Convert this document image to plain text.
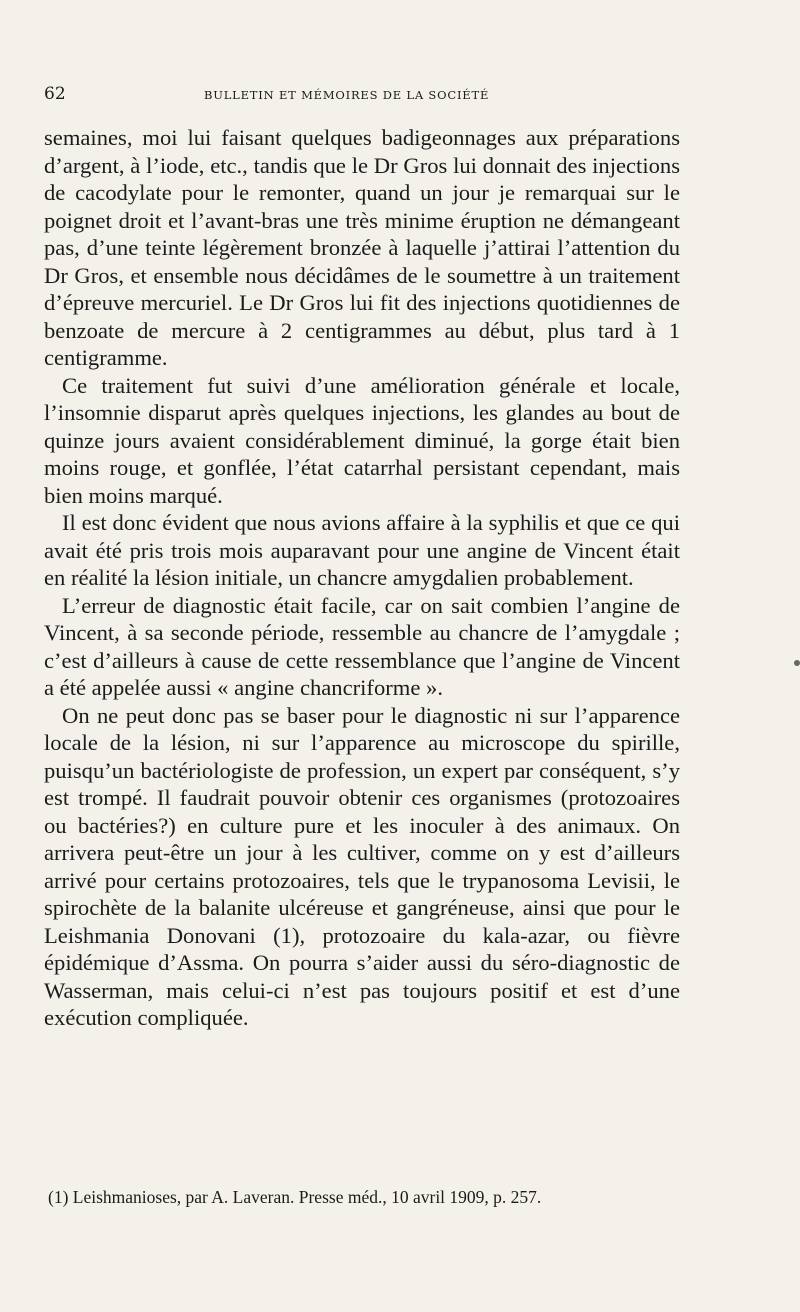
62	BULLETIN ET MÉMOIRES DE LA SOCIÉTÉ

semaines, moi lui faisant quelques badigeonnages aux préparations d’argent, à l’iode, etc., tandis que le Dr Gros lui donnait des injections de cacodylate pour le remonter, quand un jour je remarquai sur le poignet droit et l’avant-bras une très minime éruption ne démangeant pas, d’une teinte légèrement bronzée à laquelle j’attirai l’attention du Dr Gros, et ensemble nous décidâmes de le soumettre à un traitement d’épreuve mercuriel. Le Dr Gros lui fit des injections quotidiennes de benzoate de mercure à 2 centigrammes au début, plus tard à 1 centigramme.

Ce traitement fut suivi d’une amélioration générale et locale, l’insomnie disparut après quelques injections, les glandes au bout de quinze jours avaient considérablement diminué, la gorge était bien moins rouge, et gonflée, l’état catarrhal persistant cependant, mais bien moins marqué.

Il est donc évident que nous avions affaire à la syphilis et que ce qui avait été pris trois mois auparavant pour une angine de Vincent était en réalité la lésion initiale, un chancre amygdalien probablement.

L’erreur de diagnostic était facile, car on sait combien l’angine de Vincent, à sa seconde période, ressemble au chancre de l’amygdale ; c’est d’ailleurs à cause de cette ressemblance que l’angine de Vincent a été appelée aussi « angine chancriforme ».

On ne peut donc pas se baser pour le diagnostic ni sur l’apparence locale de la lésion, ni sur l’apparence au microscope du spirille, puisqu’un bactériologiste de profession, un expert par conséquent, s’y est trompé. Il faudrait pouvoir obtenir ces organismes (protozoaires ou bactéries?) en culture pure et les inoculer à des animaux. On arrivera peut-être un jour à les cultiver, comme on y est d’ailleurs arrivé pour certains protozoaires, tels que le trypanosoma Levisii, le spirochète de la balanite ulcéreuse et gangréneuse, ainsi que pour le Leishmania Donovani (1), protozoaire du kala-azar, ou fièvre épidémique d’Assma. On pourra s’aider aussi du séro-diagnostic de Wasserman, mais celui-ci n’est pas toujours positif et est d’une exécution compliquée.

(1) Leishmanioses, par A. Laveran. Presse méd., 10 avril 1909, p. 257.
